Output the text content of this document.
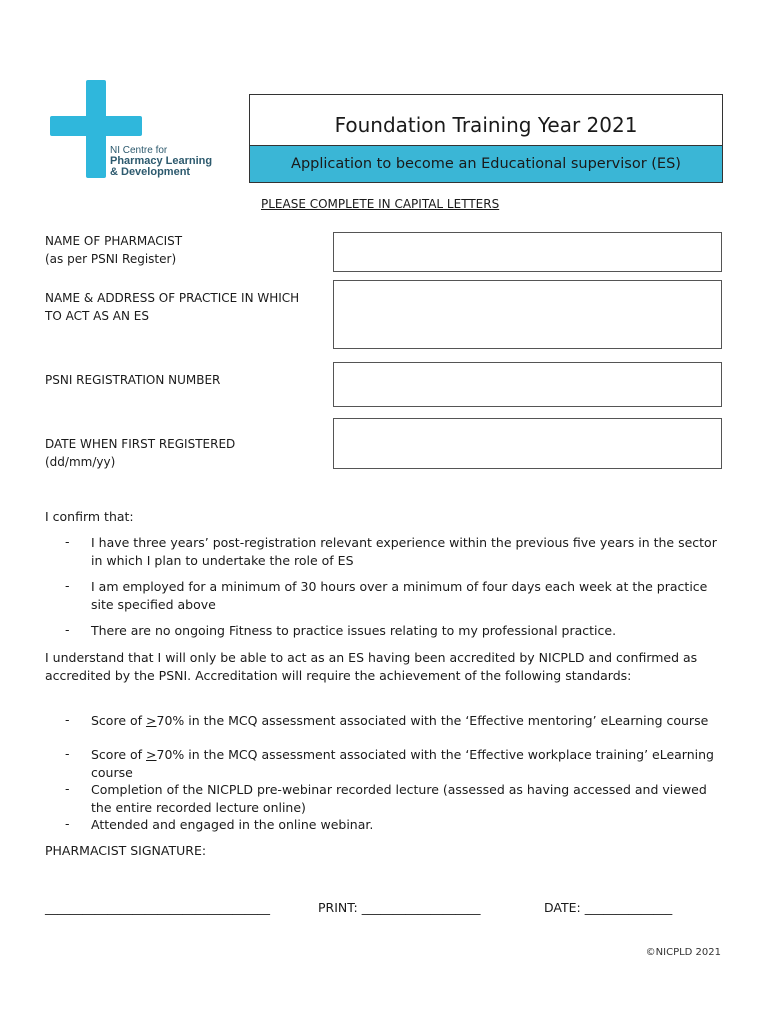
NI Centre for
Pharmacy Learning
& Development
Foundation Training Year 2021
Application to become an Educational supervisor (ES)
PLEASE COMPLETE IN CAPITAL LETTERS
NAME OF PHARMACIST
(as per PSNI Register)
NAME & ADDRESS OF PRACTICE IN WHICH
TO ACT AS AN ES
PSNI REGISTRATION NUMBER
DATE WHEN FIRST REGISTERED
(dd/mm/yy)
I confirm that:
- I have three years’ post-registration relevant experience within the previous five years in the sector in which I plan to undertake the role of ES
- I am employed for a minimum of 30 hours over a minimum of four days each week at the practice site specified above
- There are no ongoing Fitness to practice issues relating to my professional practice.
I understand that I will only be able to act as an ES having been accredited by NICPLD and confirmed as accredited by the PSNI. Accreditation will require the achievement of the following standards:
- Score of ≥70% in the MCQ assessment associated with the ‘Effective mentoring’ eLearning course
- Score of ≥70% in the MCQ assessment associated with the ‘Effective workplace training’ eLearning course
- Completion of the NICPLD pre-webinar recorded lecture (assessed as having accessed and viewed the entire recorded lecture online)
- Attended and engaged in the online webinar.
PHARMACIST SIGNATURE:
____________________________________	PRINT: ___________________	DATE: ______________
©NICPLD 2021
